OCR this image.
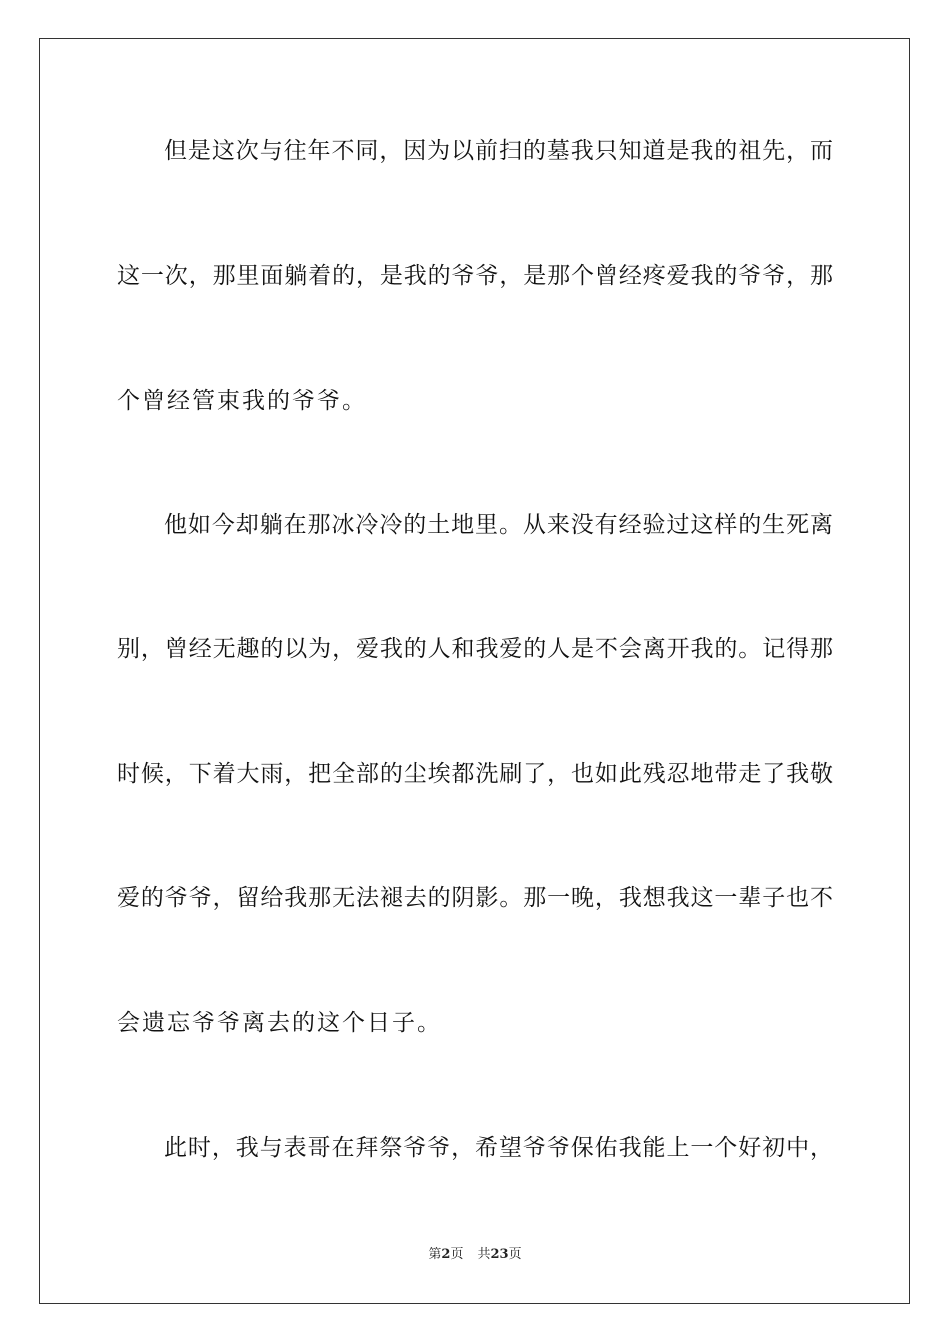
但是这次与往年不同，因为以前扫的墓我只知道是我的祖先，而
这一次，那里面躺着的，是我的爷爷，是那个曾经疼爱我的爷爷，那
个曾经管束我的爷爷。
他如今却躺在那冰冷冷的土地里。从来没有经验过这样的生死离
别，曾经无趣的以为，爱我的人和我爱的人是不会离开我的。记得那
时候，下着大雨，把全部的尘埃都洗刷了，也如此残忍地带走了我敬
爱的爷爷，留给我那无法褪去的阴影。那一晚，我想我这一辈子也不
会遗忘爷爷离去的这个日子。
此时，我与表哥在拜祭爷爷，希望爷爷保佑我能上一个好初中，
第2页 共23页
